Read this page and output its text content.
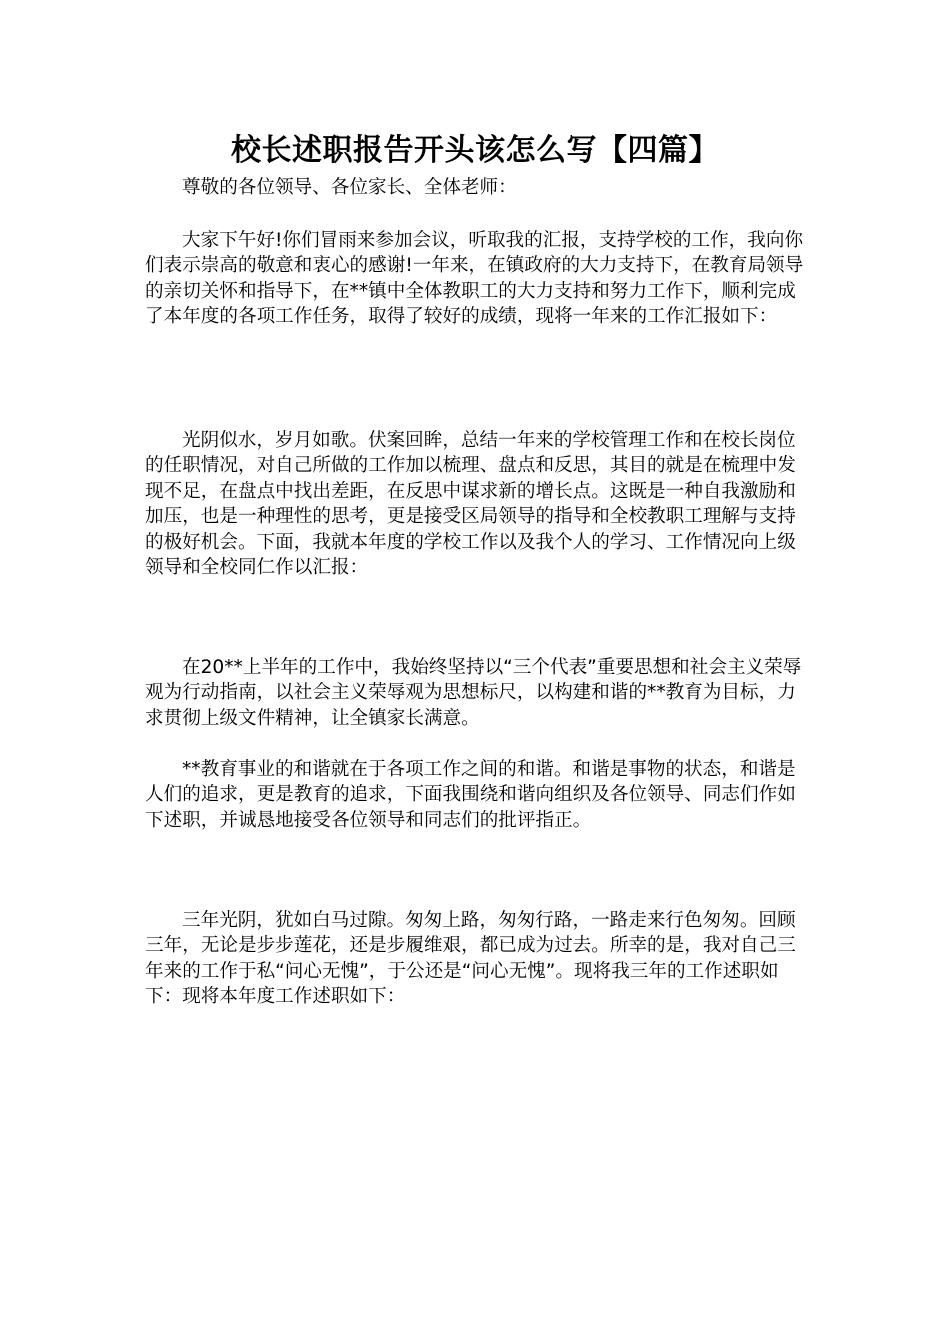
校长述职报告开头该怎么写【四篇】

尊敬的各位领导、各位家长、全体老师：

大家下午好!你们冒雨来参加会议，听取我的汇报，支持学校的工作，我向你们表示崇高的敬意和衷心的感谢!一年来，在镇政府的大力支持下，在教育局领导的亲切关怀和指导下，在**镇中全体教职工的大力支持和努力工作下，顺利完成了本年度的各项工作任务，取得了较好的成绩，现将一年来的工作汇报如下：

光阴似水，岁月如歌。伏案回眸，总结一年来的学校管理工作和在校长岗位的任职情况，对自己所做的工作加以梳理、盘点和反思，其目的就是在梳理中发现不足，在盘点中找出差距，在反思中谋求新的增长点。这既是一种自我激励和加压，也是一种理性的思考，更是接受区局领导的指导和全校教职工理解与支持的极好机会。下面，我就本年度的学校工作以及我个人的学习、工作情况向上级领导和全校同仁作以汇报：

在20**上半年的工作中，我始终坚持以“三个代表”重要思想和社会主义荣辱观为行动指南，以社会主义荣辱观为思想标尺，以构建和谐的**教育为目标，力求贯彻上级文件精神，让全镇家长满意。

**教育事业的和谐就在于各项工作之间的和谐。和谐是事物的状态，和谐是人们的追求，更是教育的追求，下面我围绕和谐向组织及各位领导、同志们作如下述职，并诚恳地接受各位领导和同志们的批评指正。

三年光阴，犹如白马过隙。匆匆上路，匆匆行路，一路走来行色匆匆。回顾三年，无论是步步莲花，还是步履维艰，都已成为过去。所幸的是，我对自己三年来的工作于私“问心无愧”，于公还是“问心无愧”。现将我三年的工作述职如下：现将本年度工作述职如下：
